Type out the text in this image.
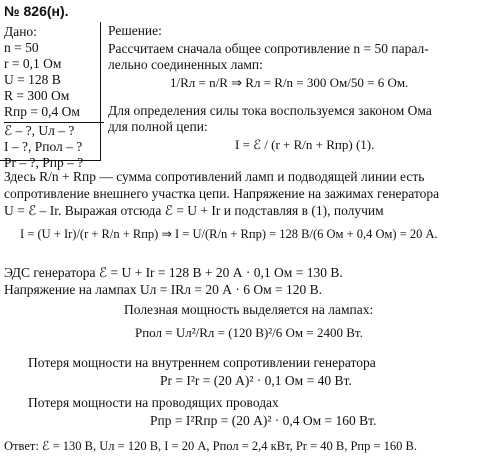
№ 826(н).
Дано:
n = 50
r = 0,1 Ом
U = 128 В
R = 300 Ом
Rпр = 0,4 Ом
ℰ – ?, Uл – ?
I – ?, Pпол – ?
Pr – ?, Pпр – ?
Решение:
Рассчитаем сначала общее сопротивление n = 50 парал-
лельно соединенных ламп:
1/Rл = n/R ⇒ Rл = R/n = 300 Ом/50 = 6 Ом.
Для определения силы тока воспользуемся законом Ома
для полной цепи:
I = ℰ / (r + R/n + Rпр) (1).
Здесь R/n + Rпр — сумма сопротивлений ламп и подводящей линии есть
сопротивление внешнего участка цепи. Напряжение на зажимах генератора
U = ℰ – Ir. Выражая отсюда ℰ = U + Ir и подставляя в (1), получим
I = (U + Ir)/(r + R/n + Rпр) ⇒ I = U/(R/n + Rпр) = 128 В/(6 Ом + 0,4 Ом) = 20 А.
ЭДС генератора ℰ = U + Ir = 128 В + 20 А · 0,1 Ом = 130 В.
Напряжение на лампах Uл = IRл = 20 А · 6 Ом = 120 В.
Полезная мощность выделяется на лампах:
Pпол = Uл²/Rл = (120 В)²/6 Ом = 2400 Вт.
Потеря мощности на внутреннем сопротивлении генератора
Pr = I²r = (20 А)² · 0,1 Ом = 40 Вт.
Потеря мощности на проводящих проводах
Pпр = I²Rпр = (20 А)² · 0,4 Ом = 160 Вт.
Ответ: ℰ = 130 В, Uл = 120 В, I = 20 А, Pпол = 2,4 кВт, Pr = 40 В, Pпр = 160 В.
